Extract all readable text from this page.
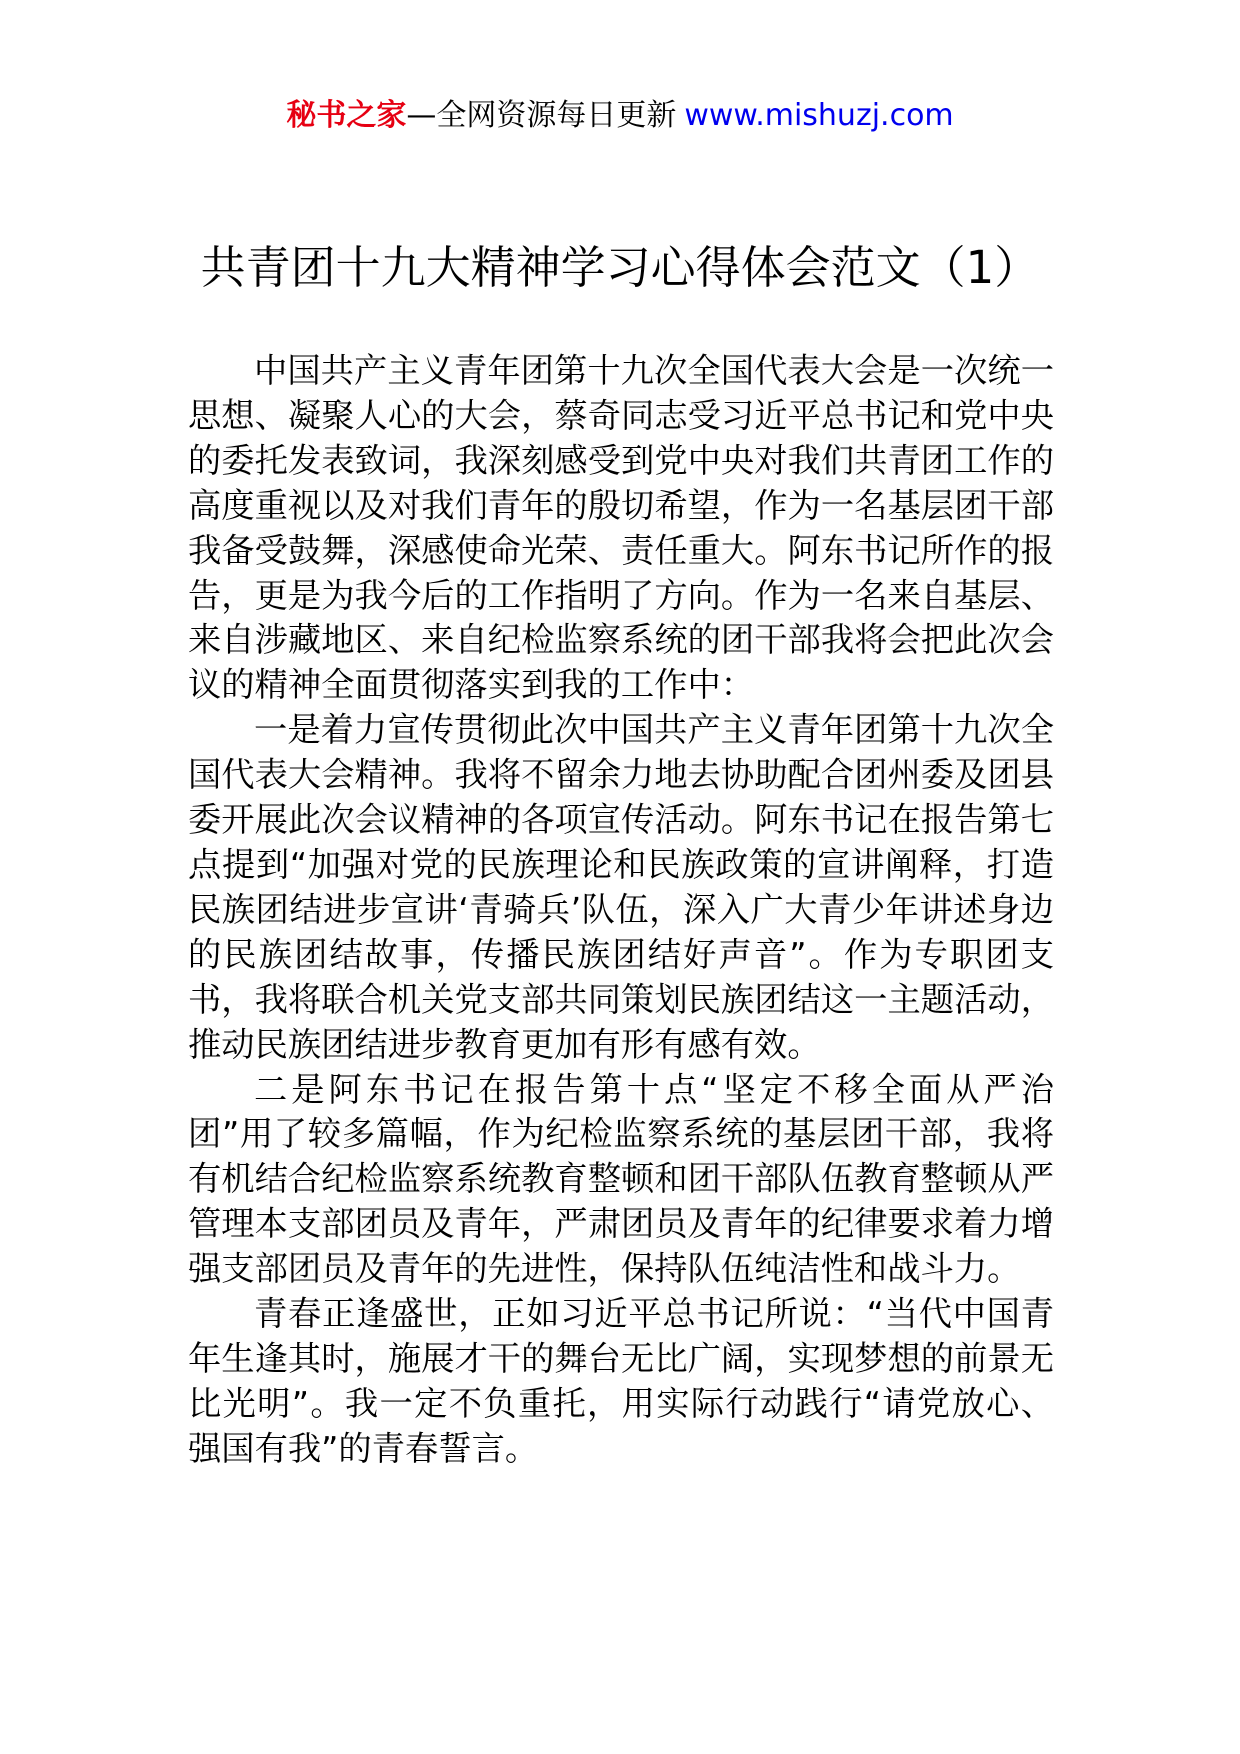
秘书之家—全网资源每日更新 www.mishuzj.com
共青团十九大精神学习心得体会范文（1）

中国共产主义青年团第十九次全国代表大会是一次统一思想、凝聚人心的大会，蔡奇同志受习近平总书记和党中央的委托发表致词，我深刻感受到党中央对我们共青团工作的高度重视以及对我们青年的殷切希望，作为一名基层团干部我备受鼓舞，深感使命光荣、责任重大。阿东书记所作的报告，更是为我今后的工作指明了方向。作为一名来自基层、来自涉藏地区、来自纪检监察系统的团干部我将会把此次会议的精神全面贯彻落实到我的工作中：

一是着力宣传贯彻此次中国共产主义青年团第十九次全国代表大会精神。我将不留余力地去协助配合团州委及团县委开展此次会议精神的各项宣传活动。阿东书记在报告第七点提到“加强对党的民族理论和民族政策的宣讲阐释，打造民族团结进步宣讲‘青骑兵’队伍，深入广大青少年讲述身边的民族团结故事，传播民族团结好声音”。作为专职团支书，我将联合机关党支部共同策划民族团结这一主题活动，推动民族团结进步教育更加有形有感有效。

二是阿东书记在报告第十点“坚定不移全面从严治团”用了较多篇幅，作为纪检监察系统的基层团干部，我将有机结合纪检监察系统教育整顿和团干部队伍教育整顿从严管理本支部团员及青年，严肃团员及青年的纪律要求着力增强支部团员及青年的先进性，保持队伍纯洁性和战斗力。

青春正逢盛世，正如习近平总书记所说：“当代中国青年生逢其时，施展才干的舞台无比广阔，实现梦想的前景无比光明”。我一定不负重托，用实际行动践行“请党放心、强国有我”的青春誓言。
